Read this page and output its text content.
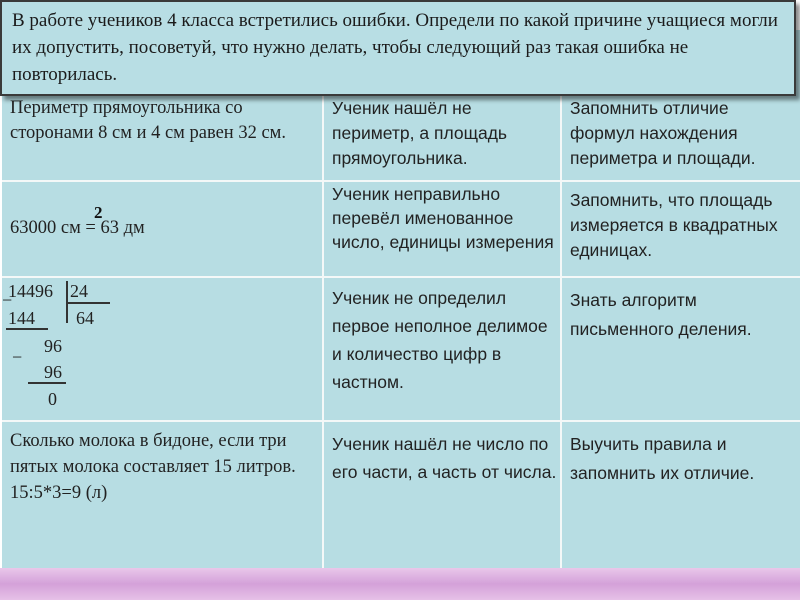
Периметр прямоугольника со сторонами 8 см и 4 см равен 32 см.
Ученик нашёл не периметр, а площадь прямоугольника.
Запомнить отличие формул нахождения периметра и площади.
63000 см = 63 дм
2
Ученик неправильно перевёл именованное число, единицы измерения
Запомнить, что площадь измеряется в квадратных единицах.
−
14496 24
144 64
−
96
96
0
Ученик не определил первое неполное делимое и количество цифр в частном.
Знать алгоритм письменного деления.
Сколько молока в бидоне, если три пятых молока составляет 15 литров.
15:5*3=9 (л)
Ученик нашёл не число по его части, а часть от числа.
Выучить правила и запомнить их отличие.
В работе учеников 4 класса встретились ошибки. Определи по какой причине учащиеся могли их допустить, посоветуй, что нужно делать, чтобы следующий раз такая ошибка не повторилась.
